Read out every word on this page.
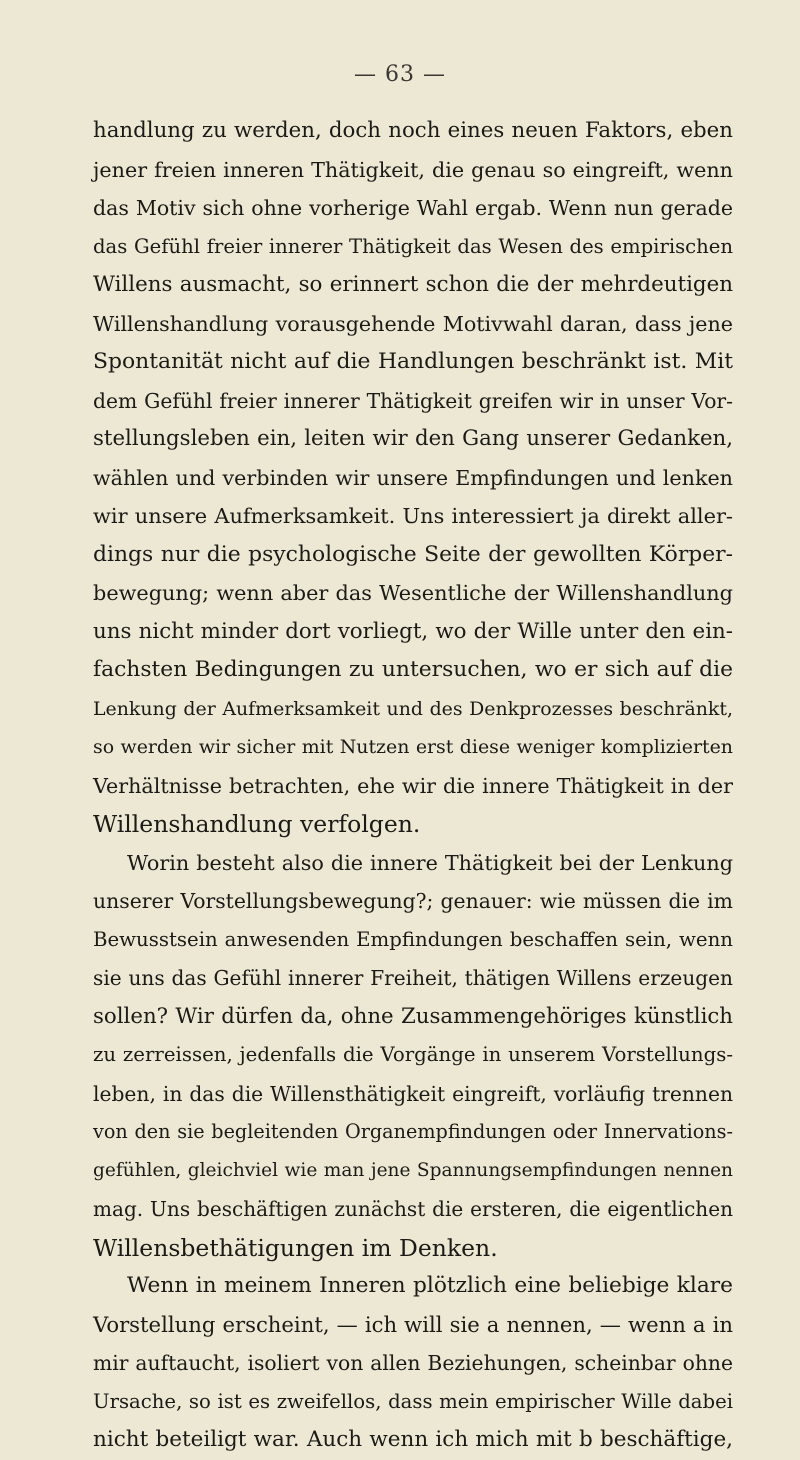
— 63 —
handlung zu werden, doch noch eines neuen Faktors, eben
jener freien inneren Thätigkeit, die genau so eingreift, wenn
das Motiv sich ohne vorherige Wahl ergab. Wenn nun gerade
das Gefühl freier innerer Thätigkeit das Wesen des empirischen
Willens ausmacht, so erinnert schon die der mehrdeutigen
Willenshandlung vorausgehende Motivwahl daran, dass jene
Spontanität nicht auf die Handlungen beschränkt ist. Mit
dem Gefühl freier innerer Thätigkeit greifen wir in unser Vor-
stellungsleben ein, leiten wir den Gang unserer Gedanken,
wählen und verbinden wir unsere Empfindungen und lenken
wir unsere Aufmerksamkeit. Uns interessiert ja direkt aller-
dings nur die psychologische Seite der gewollten Körper-
bewegung; wenn aber das Wesentliche der Willenshandlung
uns nicht minder dort vorliegt, wo der Wille unter den ein-
fachsten Bedingungen zu untersuchen, wo er sich auf die
Lenkung der Aufmerksamkeit und des Denkprozesses beschränkt,
so werden wir sicher mit Nutzen erst diese weniger komplizierten
Verhältnisse betrachten, ehe wir die innere Thätigkeit in der
Willenshandlung verfolgen.
Worin besteht also die innere Thätigkeit bei der Lenkung
unserer Vorstellungsbewegung?; genauer: wie müssen die im
Bewusstsein anwesenden Empfindungen beschaffen sein, wenn
sie uns das Gefühl innerer Freiheit, thätigen Willens erzeugen
sollen? Wir dürfen da, ohne Zusammengehöriges künstlich
zu zerreissen, jedenfalls die Vorgänge in unserem Vorstellungs-
leben, in das die Willensthätigkeit eingreift, vorläufig trennen
von den sie begleitenden Organempfindungen oder Innervations-
gefühlen, gleichviel wie man jene Spannungsempfindungen nennen
mag. Uns beschäftigen zunächst die ersteren, die eigentlichen
Willensbethätigungen im Denken.
Wenn in meinem Inneren plötzlich eine beliebige klare
Vorstellung erscheint, — ich will sie a nennen, — wenn a in
mir auftaucht, isoliert von allen Beziehungen, scheinbar ohne
Ursache, so ist es zweifellos, dass mein empirischer Wille dabei
nicht beteiligt war. Auch wenn ich mich mit b beschäftige,
